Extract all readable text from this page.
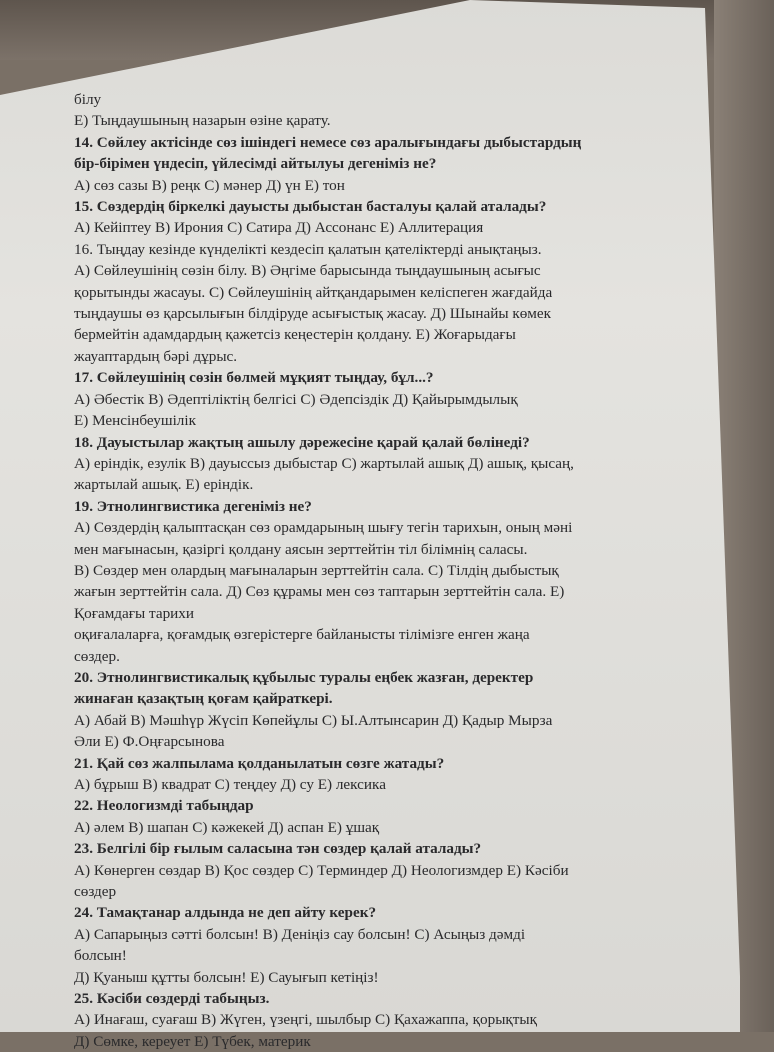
білу
Е) Тыңдаушының назарын өзіне қарату.
14. Сөйлеу актісінде сөз ішіндегі немесе сөз аралығындағы дыбыстардың
бір-бірімен үндесіп, үйлесімді айтылуы дегеніміз не?
А) сөз сазы В) реңк С) мәнер Д) үн Е) тон
15. Сөздердің біркелкі дауысты дыбыстан басталуы қалай аталады?
А) Кейіптеу В) Ирония С) Сатира Д) Ассонанс Е) Аллитерация
16. Тыңдау кезінде күнделікті кездесіп қалатын қателіктерді анықтаңыз.
А) Сөйлеушінің сөзін білу. В) Әңгіме барысында тыңдаушының асығыс
қорытынды жасауы. С) Сөйлеушінің айтқандарымен келіспеген жағдайда
тыңдаушы өз қарсылығын білдіруде асығыстық жасау. Д) Шынайы көмек
бермейтін адамдардың қажетсіз кеңестерін қолдану. Е) Жоғарыдағы
жауаптардың бәрі дұрыс.
17. Сөйлеушінің сөзін бөлмей мұқият тыңдау, бұл...?
А) Әбестік В) Әдептіліктің белгісі С) Әдепсіздік Д) Қайырымдылық
Е) Менсінбеушілік
18. Дауыстылар жақтың ашылу дәрежесіне қарай қалай бөлінеді?
А) еріндік, езулік В) дауыссыз дыбыстар С) жартылай ашық Д) ашық, қысаң,
жартылай ашық. Е) еріндік.
19. Этнолингвистика дегеніміз не?
А) Сөздердің қалыптасқан сөз орамдарының шығу тегін тарихын, оның мәні
мен мағынасын, қазіргі қолдану аясын зерттейтін тіл білімнің саласы.
В) Сөздер мен олардың мағыналарын зерттейтін сала. С) Тілдің дыбыстық
жағын зерттейтін сала. Д) Сөз құрамы мен сөз таптарын зерттейтін сала. Е)
Қоғамдағы тарихи
оқиғалаларға, қоғамдық өзгерістерге байланысты тілімізге енген жаңа
сөздер.
20. Этнолингвистикалық құбылыс туралы еңбек жазған, деректер
жинаған қазақтың қоғам қайраткері.
А) Абай В) Мәшһүр Жүсіп Көпейұлы С) Ы.Алтынсарин Д) Қадыр Мырза
Әли Е) Ф.Оңғарсынова
21. Қай сөз жалпылама қолданылатын сөзге жатады?
А) бұрыш В) квадрат С) теңдеу Д) су Е) лексика
22. Неологизмді табыңдар
А) әлем В) шапан С) кәжекей Д) аспан Е) ұшақ
23. Белгілі бір ғылым саласына тән сөздер қалай аталады?
А) Көнерген сөздар В) Қос сөздер С) Терминдер Д) Неологизмдер Е) Кәсіби
сөздер
24. Тамақтанар алдында не деп айту керек?
А) Сапарыңыз сәтті болсын! В) Деніңіз сау болсын! С) Асыңыз дәмді
болсын!
Д) Қуаныш құтты болсын! Е) Сауығып кетіңіз!
25. Кәсіби сөздерді табыңыз.
А) Инағаш, суағаш В) Жүген, үзеңгі, шылбыр С) Қахажаппа, қорықтық
Д) Сөмке, кереует Е) Түбек, материк
